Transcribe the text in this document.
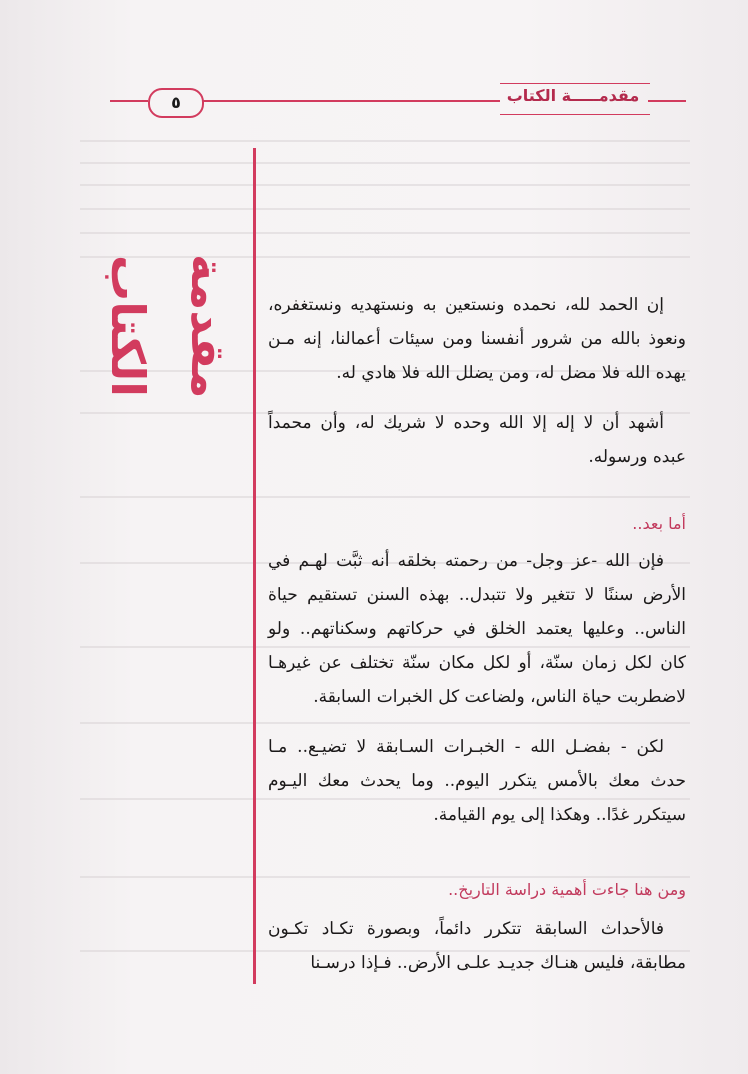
٥	مقدمـــــة الكتاب
مقدمة الكتاب	إن الحمد لله، نحمده ونستعين به ونستهديه ونستغفره، ونعوذ بالله من شرور أنفسنا ومن سيئات أعمالنا، إنه مـن يهده الله فلا مضل له، ومن يضلل الله فلا هادي له.

أشهد أن لا إله إلا الله وحده لا شريك له، وأن محمداً عبده ورسوله.

أما بعد..

فإن الله -عز وجل- من رحمته بخلقه أنه ثبَّت لهـم في الأرض سننًا لا تتغير ولا تتبدل.. بهذه السنن تستقيم حياة الناس.. وعليها يعتمد الخلق في حركاتهم وسكناتهم.. ولو كان لكل زمان سنّة، أو لكل مكان سنّة تختلف عن غيرهـا لاضطربت حياة الناس، ولضاعت كل الخبرات السابقة.

لكن - بفضـل الله - الخبـرات السـابقة لا تضيـع.. مـا حدث معك بالأمس يتكرر اليوم.. وما يحدث معك اليـوم سيتكرر غدًا.. وهكذا إلى يوم القيامة.

ومن هنا جاءت أهمية دراسة التاريخ..

فالأحداث السابقة تتكرر دائماً، وبصورة تكـاد تكـون مطابقة، فليس هنـاك جديـد علـى الأرض.. فـإذا درسـنا
